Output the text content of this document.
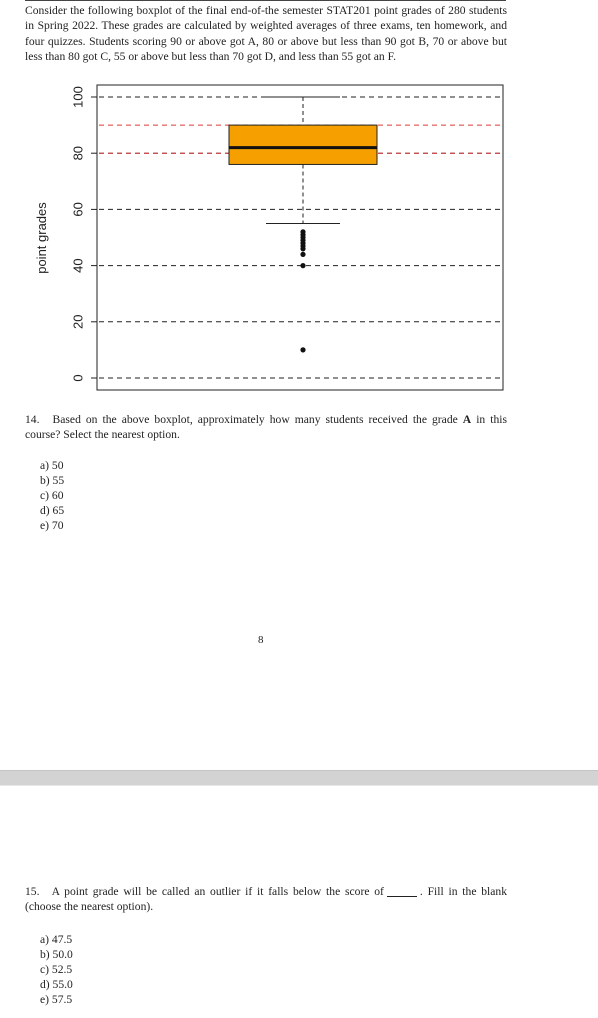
Consider the following boxplot of the final end-of-the semester STAT201 point grades of 280 students in Spring 2022. These grades are calculated by weighted averages of three exams, ten homework, and four quizzes. Students scoring 90 or above got A, 80 or above but less than 90 got B, 70 or above but less than 80 got C, 55 or above but less than 70 got D, and less than 55 got an F.

point grades
0
20
40
60
80
100

14. Based on the above boxplot, approximately how many students received the grade A in this course? Select the nearest option.

a) 50
b) 55
c) 60
d) 65
e) 70
8

15. A point grade will be called an outlier if it falls below the score of	. Fill in the blank (choose the nearest option).

a) 47.5
b) 50.0
c) 52.5
d) 55.0
e) 57.5
